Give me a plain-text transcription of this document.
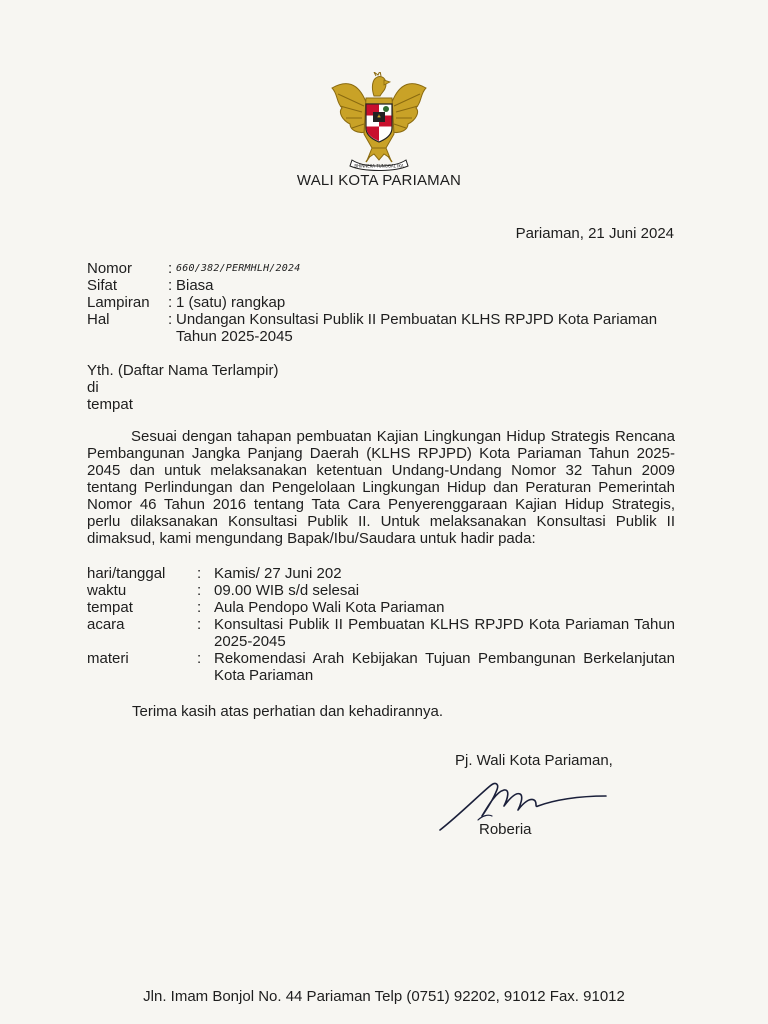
BHINNEKA TUNGGAL IKA
WALI KOTA PARIAMAN
Pariaman, 21 Juni 2024
Nomor	: 660/382/PERMHLH/2024
Sifat	: Biasa
Lampiran	: 1 (satu) rangkap
Hal	: Undangan Konsultasi Publik II Pembuatan KLHS RPJPD Kota Pariaman Tahun 2025-2045
Yth. (Daftar Nama Terlampir)
di
tempat
Sesuai dengan tahapan pembuatan Kajian Lingkungan Hidup Strategis Rencana Pembangunan Jangka Panjang Daerah (KLHS RPJPD) Kota Pariaman Tahun 2025-2045 dan untuk melaksanakan ketentuan Undang-Undang Nomor 32 Tahun 2009 tentang Perlindungan dan Pengelolaan Lingkungan Hidup dan Peraturan Pemerintah Nomor 46 Tahun 2016 tentang Tata Cara Penyerenggaraan Kajian Hidup Strategis, perlu dilaksanakan Konsultasi Publik II. Untuk melaksanakan Konsultasi Publik II dimaksud, kami mengundang Bapak/Ibu/Saudara untuk hadir pada:
hari/tanggal	: Kamis/ 27 Juni 202
waktu	: 09.00 WIB s/d selesai
tempat	: Aula Pendopo Wali Kota Pariaman
acara	: Konsultasi Publik II Pembuatan KLHS RPJPD Kota Pariaman Tahun 2025-2045
materi	: Rekomendasi Arah Kebijakan Tujuan Pembangunan Berkelanjutan Kota Pariaman
Terima kasih atas perhatian dan kehadirannya.
Pj. Wali Kota Pariaman,
Roberia
Jln. Imam Bonjol No. 44 Pariaman Telp (0751) 92202, 91012 Fax. 91012
